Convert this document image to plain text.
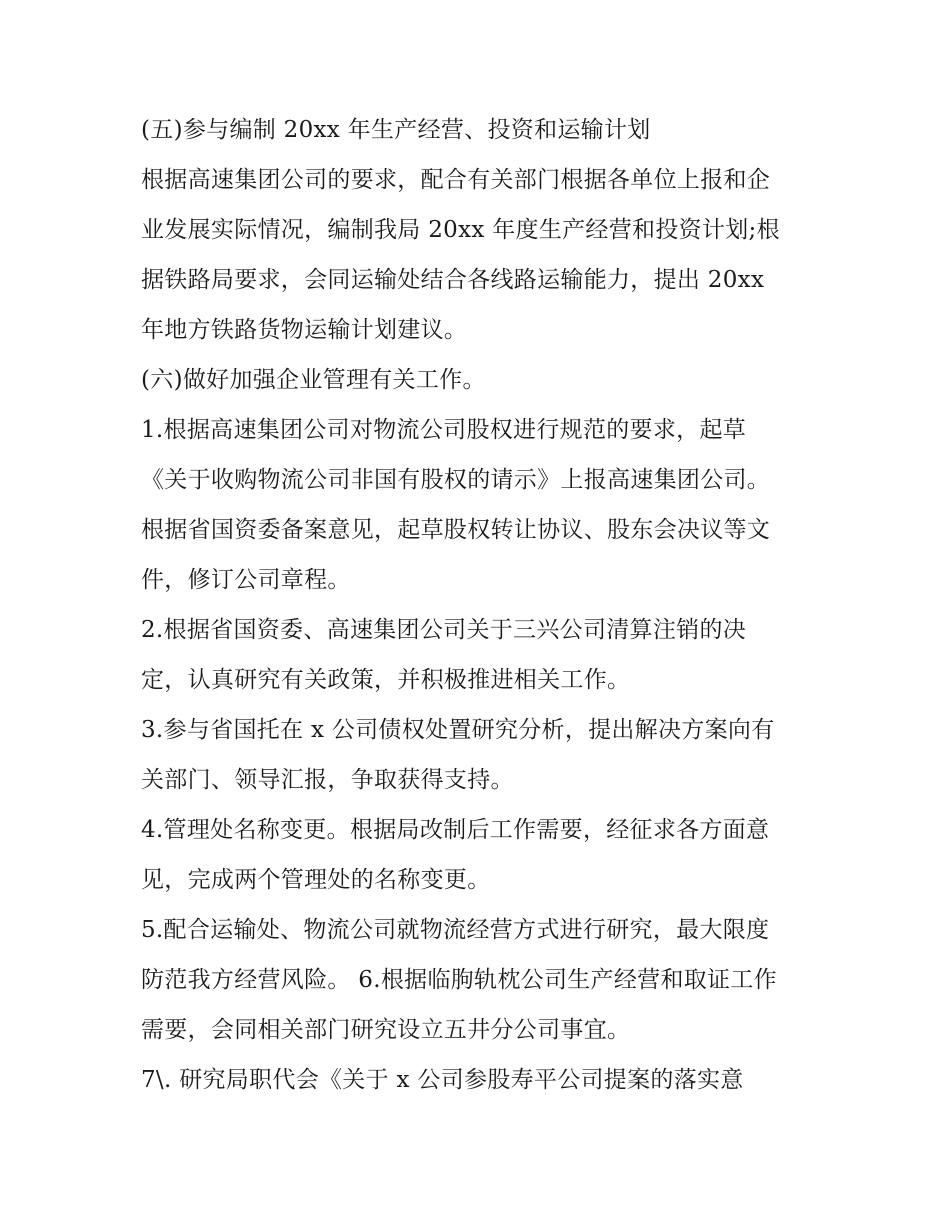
(五)参与编制 20xx 年生产经营、投资和运输计划
根据高速集团公司的要求，配合有关部门根据各单位上报和企
业发展实际情况，编制我局 20xx 年度生产经营和投资计划;根
据铁路局要求，会同运输处结合各线路运输能力，提出 20xx
年地方铁路货物运输计划建议。
(六)做好加强企业管理有关工作。
1.根据高速集团公司对物流公司股权进行规范的要求，起草
《关于收购物流公司非国有股权的请示》上报高速集团公司。
根据省国资委备案意见，起草股权转让协议、股东会决议等文
件，修订公司章程。
2.根据省国资委、高速集团公司关于三兴公司清算注销的决
定，认真研究有关政策，并积极推进相关工作。
3.参与省国托在 x 公司债权处置研究分析，提出解决方案向有
关部门、领导汇报，争取获得支持。
4.管理处名称变更。根据局改制后工作需要，经征求各方面意
见，完成两个管理处的名称变更。
5.配合运输处、物流公司就物流经营方式进行研究，最大限度
防范我方经营风险。 6.根据临朐轨枕公司生产经营和取证工作
需要，会同相关部门研究设立五井分公司事宜。
7\. 研究局职代会《关于 x 公司参股寿平公司提案的落实意
